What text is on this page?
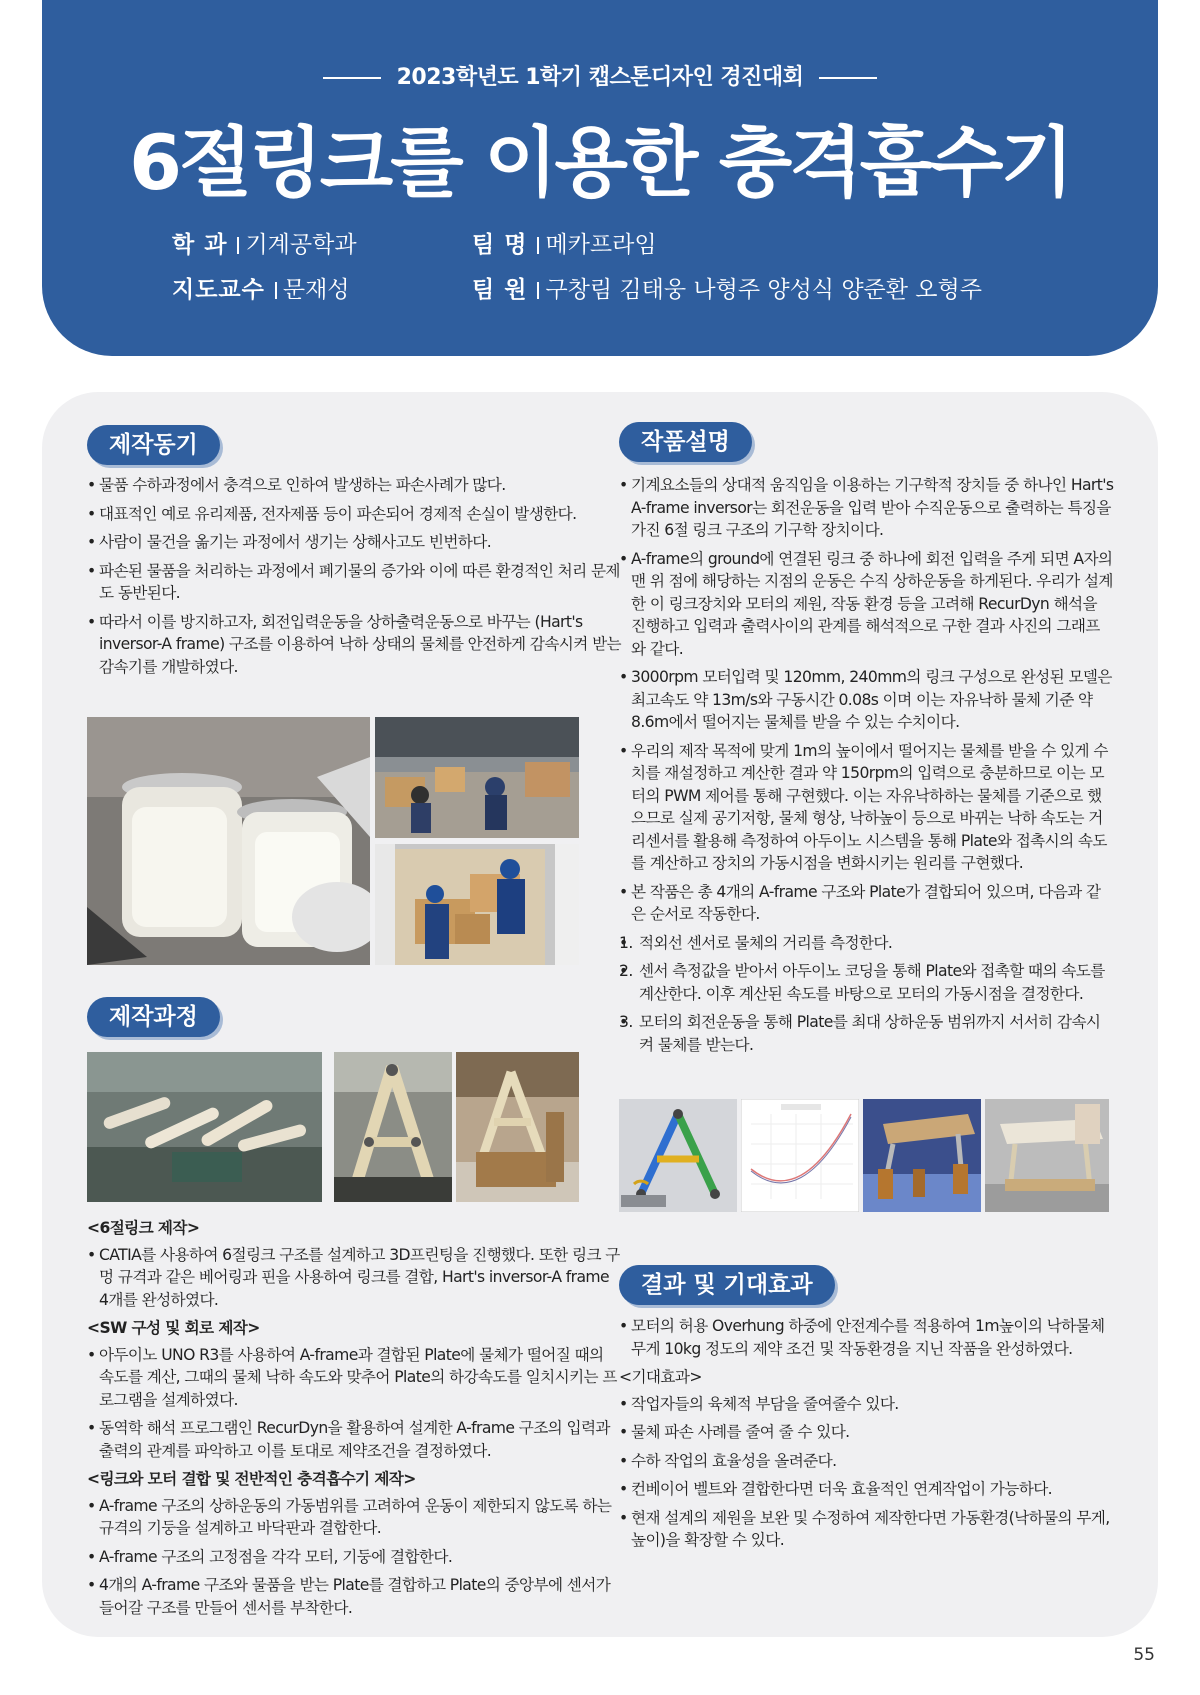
2023학년도 1학기 캡스톤디자인 경진대회
6절링크를 이용한 충격흡수기
학 과 기계공학과
지도교수 문재성
팀 명 메카프라임
팀 원 구창림 김태웅 나형주 양성식 양준환 오형주
제작동기
• 물품 수하과정에서 충격으로 인하여 발생하는 파손사례가 많다.
• 대표적인 예로 유리제품, 전자제품 등이 파손되어 경제적 손실이 발생한다.
• 사람이 물건을 옮기는 과정에서 생기는 상해사고도 빈번하다.
• 파손된 물품을 처리하는 과정에서 폐기물의 증가와 이에 따른 환경적인 처리 문제도 동반된다.
• 따라서 이를 방지하고자, 회전입력운동을 상하출력운동으로 바꾸는 (Hart's inversor-A frame) 구조를 이용하여 낙하 상태의 물체를 안전하게 감속시켜 받는 감속기를 개발하였다.
제작과정
<6절링크 제작>
• CATIA를 사용하여 6절링크 구조를 설계하고 3D프린팅을 진행했다. 또한 링크 구멍 규격과 같은 베어링과 핀을 사용하여 링크를 결합, Hart's inversor-A frame 4개를 완성하였다.
<SW 구성 및 회로 제작>
• 아두이노 UNO R3를 사용하여 A-frame과 결합된 Plate에 물체가 떨어질 때의 속도를 계산, 그때의 물체 낙하 속도와 맞추어 Plate의 하강속도를 일치시키는 프로그램을 설계하였다.
• 동역학 해석 프로그램인 RecurDyn을 활용하여 설계한 A-frame 구조의 입력과 출력의 관계를 파악하고 이를 토대로 제약조건을 결정하였다.
<링크와 모터 결합 및 전반적인 충격흡수기 제작>
• A-frame 구조의 상하운동의 가동범위를 고려하여 운동이 제한되지 않도록 하는 규격의 기둥을 설계하고 바닥판과 결합한다.
• A-frame 구조의 고정점을 각각 모터, 기둥에 결합한다.
• 4개의 A-frame 구조와 물품을 받는 Plate를 결합하고 Plate의 중앙부에 센서가 들어갈 구조를 만들어 센서를 부착한다.
작품설명
• 기계요소들의 상대적 움직임을 이용하는 기구학적 장치들 중 하나인 Hart's A-frame inversor는 회전운동을 입력 받아 수직운동으로 출력하는 특징을 가진 6절 링크 구조의 기구학 장치이다.
• A-frame의 ground에 연결된 링크 중 하나에 회전 입력을 주게 되면 A자의 맨 위 점에 해당하는 지점의 운동은 수직 상하운동을 하게된다. 우리가 설계한 이 링크장치와 모터의 제원, 작동 환경 등을 고려해 RecurDyn 해석을 진행하고 입력과 출력사이의 관계를 해석적으로 구한 결과 사진의 그래프와 같다.
• 3000rpm 모터입력 및 120mm, 240mm의 링크 구성으로 완성된 모델은 최고속도 약 13m/s와 구동시간 0.08s 이며 이는 자유낙하 물체 기준 약 8.6m에서 떨어지는 물체를 받을 수 있는 수치이다.
• 우리의 제작 목적에 맞게 1m의 높이에서 떨어지는 물체를 받을 수 있게 수치를 재설정하고 계산한 결과 약 150rpm의 입력으로 충분하므로 이는 모터의 PWM 제어를 통해 구현했다. 이는 자유낙하하는 물체를 기준으로 했으므로 실제 공기저항, 물체 형상, 낙하높이 등으로 바뀌는 낙하 속도는 거리센서를 활용해 측정하여 아두이노 시스템을 통해 Plate와 접촉시의 속도를 계산하고 장치의 가동시점을 변화시키는 원리를 구현했다.
• 본 작품은 총 4개의 A-frame 구조와 Plate가 결합되어 있으며, 다음과 같은 순서로 작동한다.
• 1. 적외선 센서로 물체의 거리를 측정한다.
• 2. 센서 측정값을 받아서 아두이노 코딩을 통해 Plate와 접촉할 때의 속도를 계산한다. 이후 계산된 속도를 바탕으로 모터의 가동시점을 결정한다.
• 3. 모터의 회전운동을 통해 Plate를 최대 상하운동 범위까지 서서히 감속시켜 물체를 받는다.
결과 및 기대효과
• 모터의 허용 Overhung 하중에 안전계수를 적용하여 1m높이의 낙하물체 무게 10kg 정도의 제약 조건 및 작동환경을 지닌 작품을 완성하였다.
<기대효과>
• 작업자들의 육체적 부담을 줄여줄수 있다.
• 물체 파손 사례를 줄여 줄 수 있다.
• 수하 작업의 효율성을 올려준다.
• 컨베이어 벨트와 결합한다면 더욱 효율적인 연계작업이 가능하다.
• 현재 설계의 제원을 보완 및 수정하여 제작한다면 가동환경(낙하물의 무게, 높이)을 확장할 수 있다.
55
